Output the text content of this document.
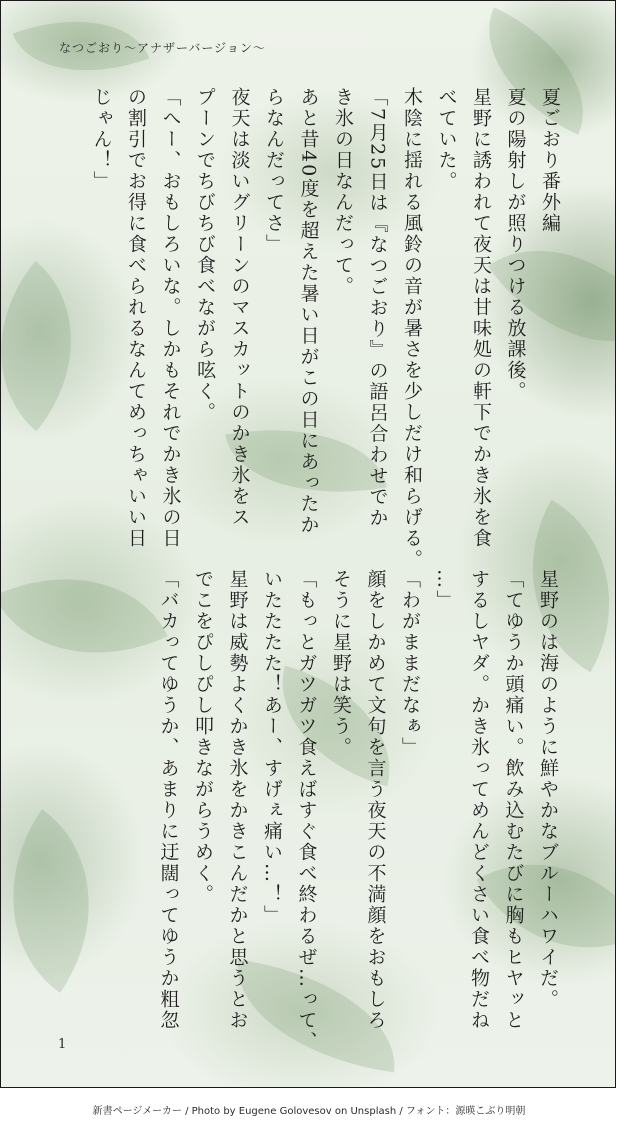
なつごおり〜アナザーバージョン〜
夏ごおり番外編
夏の陽射しが照りつける放課後。
星野に誘われて夜天は甘味処の軒下でかき氷を食
べていた。
木陰に揺れる風鈴の音が暑さを少しだけ和らげる。
「7月25日は『なつごおり』の語呂合わせでか
き氷の日なんだって。
あと昔40度を超えた暑い日がこの日にあったか
らなんだってさ」
夜天は淡いグリーンのマスカットのかき氷をス
プーンでちびちび食べながら呟く。
「へー、おもしろいな。しかもそれでかき氷の日
の割引でお得に食べられるなんてめっちゃいい日
じゃん！」
星野のは海のように鮮やかなブルーハワイだ。
「てゆうか頭痛い。飲み込むたびに胸もヒヤッと
するしヤダ。かき氷ってめんどくさい食べ物だね
…」
「わがままだなぁ」
顔をしかめて文句を言う夜天の不満顔をおもしろ
そうに星野は笑う。
「もっとガツガツ食えばすぐ食べ終わるぜ…って、
いたたたた！あー、すげぇ痛い…！」
星野は威勢よくかき氷をかきこんだかと思うとお
でこをぴしぴし叩きながらうめく。
「バカってゆうか、あまりに迂闊ってゆうか粗忽
1
新書ページメーカー / Photo by Eugene Golovesov on Unsplash / フォント：源暎こぶり明朝
